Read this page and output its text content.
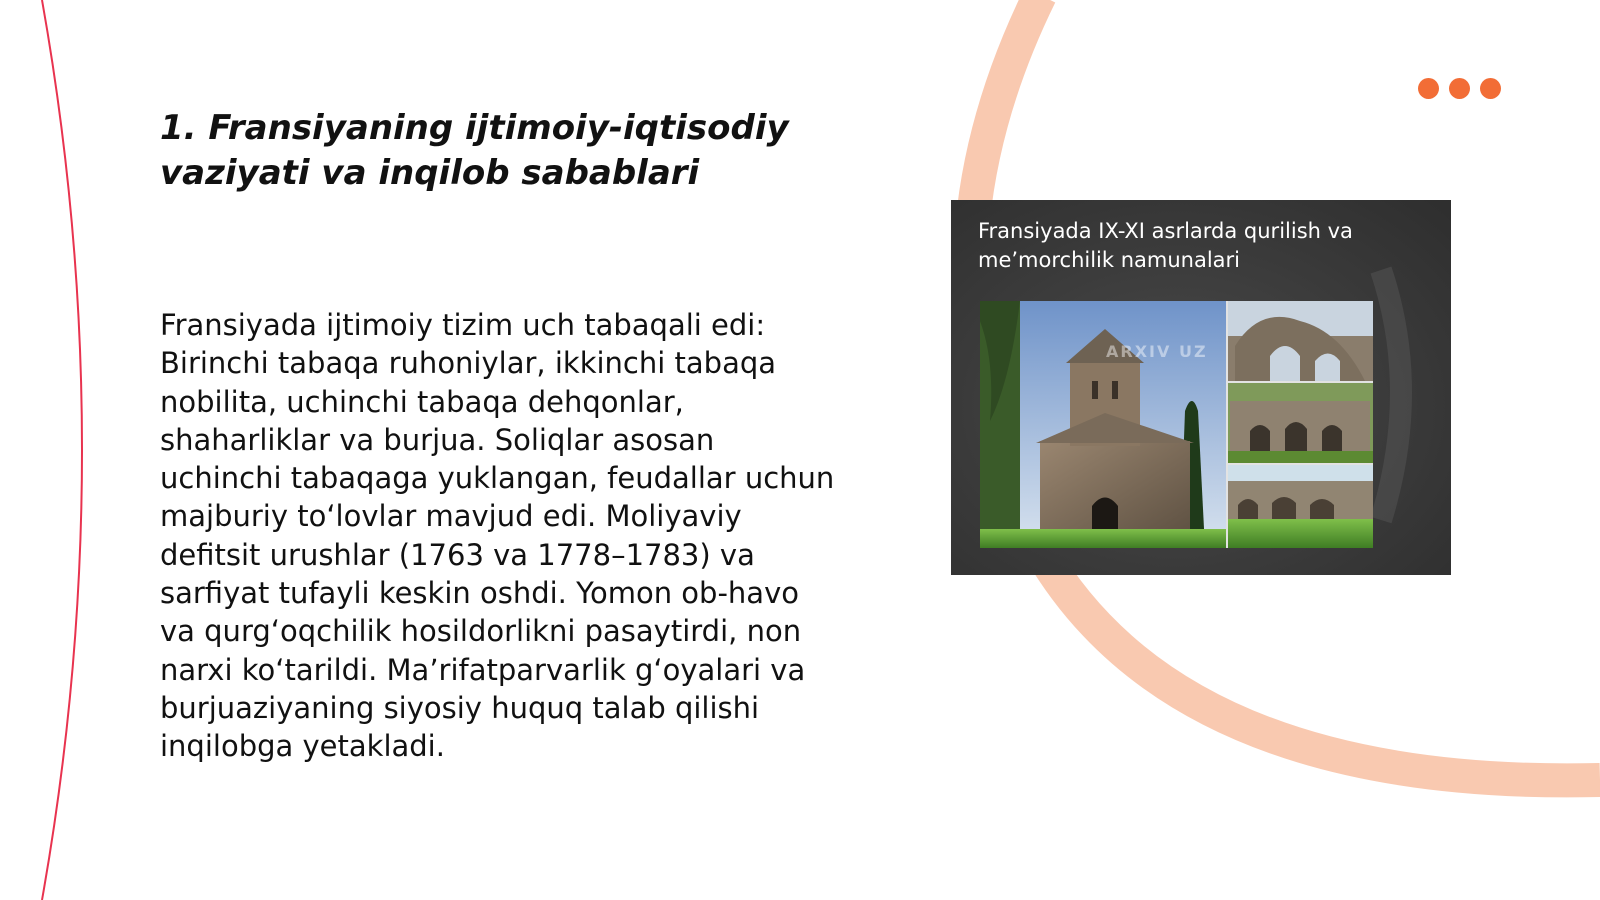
1. Fransiyaning ijtimoiy-iqtisodiy vaziyati va inqilob sabablari

Fransiyada ijtimoiy tizim uch tabaqali edi: Birinchi tabaqa ruhoniylar, ikkinchi tabaqa nobilita, uchinchi tabaqa dehqonlar, shaharliklar va burjua. Soliqlar asosan uchinchi tabaqaga yuklangan, feudallar uchun majburiy toʻlovlar mavjud edi. Moliyaviy defitsit urushlar (1763 va 1778–1783) va sarfiyat tufayli keskin oshdi. Yomon ob-havo va qurgʻoqchilik hosildorlikni pasaytirdi, non narxi koʻtarildi. Maʼrifatparvarlik gʻoyalari va burjuaziyaning siyosiy huquq talab qilishi inqilobga yetakladi.

Fransiyada IX-XI asrlarda qurilish va me’morchilik namunalari

ARXIV UZ
